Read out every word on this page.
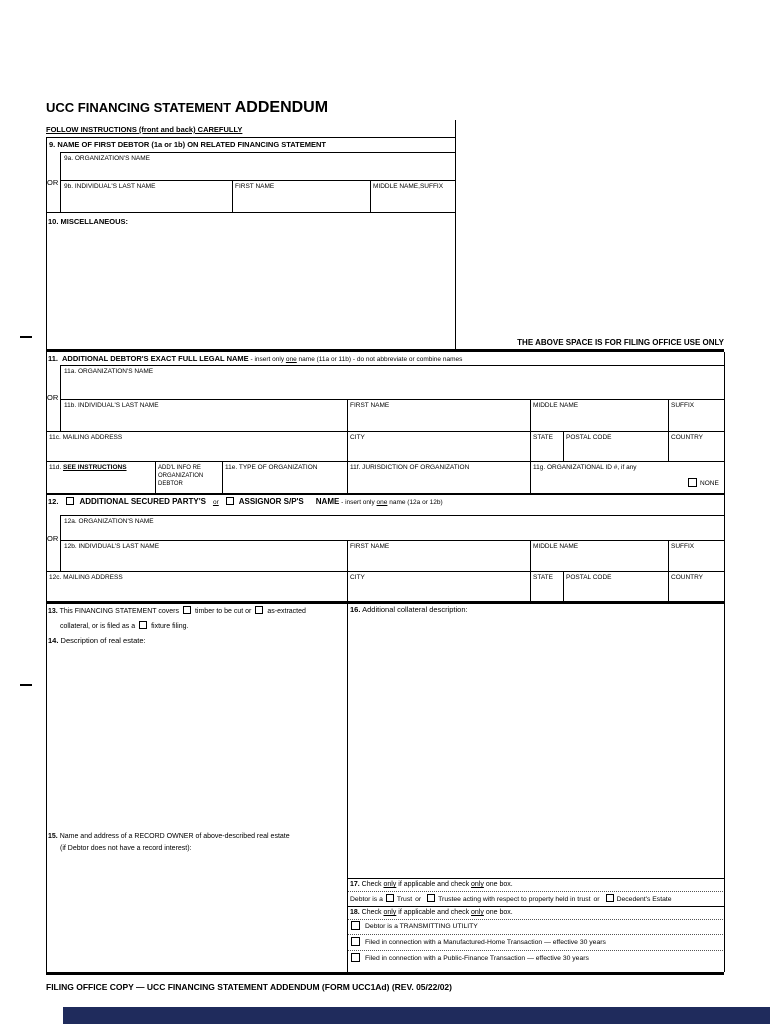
UCC FINANCING STATEMENT ADDENDUM
FOLLOW INSTRUCTIONS (front and back) CAREFULLY
9. NAME OF FIRST DEBTOR (1a or 1b) ON RELATED FINANCING STATEMENT
9a. ORGANIZATION'S NAME
OR 9b. INDIVIDUAL'S LAST NAME	FIRST NAME	MIDDLE NAME,SUFFIX
10. MISCELLANEOUS:
THE ABOVE SPACE IS FOR FILING OFFICE USE ONLY
11. ADDITIONAL DEBTOR'S EXACT FULL LEGAL NAME - insert only one name (11a or 11b) - do not abbreviate or combine names
11a. ORGANIZATION'S NAME
OR
11b. INDIVIDUAL'S LAST NAME	FIRST NAME	MIDDLE NAME	SUFFIX
11c. MAILING ADDRESS	CITY	STATE POSTAL CODE	COUNTRY
11d. SEE INSTRUCTIONS	ADD'L INFO RE
ORGANIZATION
DEBTOR
11e. TYPE OF ORGANIZATION	11f. JURISDICTION OF ORGANIZATION	11g. ORGANIZATIONAL ID #, if any
NONE
12.	ADDITIONAL SECURED PARTY'S or	ASSIGNOR S/P'S NAME - insert only one name (12a or 12b)
12a. ORGANIZATION'S NAME
OR
12b. INDIVIDUAL'S LAST NAME	FIRST NAME	MIDDLE NAME	SUFFIX
12c. MAILING ADDRESS	CITY	STATE POSTAL CODE	COUNTRY
13. This FINANCING STATEMENT covers timber to be cut or as-extracted
collateral, or is filed as a fixture filing.
14. Description of real estate:
15. Name and address of a RECORD OWNER of above-described real estate
(if Debtor does not have a record interest):
16. Additional collateral description:
17. Check only if applicable and check only one box.
Debtor is a Trust or	Trustee acting with respect to property held in trust or	Decedent's Estate
18. Check only if applicable and check only one box.
Debtor is a TRANSMITTING UTILITY
Filed in connection with a Manufactured-Home Transaction — effective 30 years
Filed in connection with a Public-Finance Transaction — effective 30 years
FILING OFFICE COPY — UCC FINANCING STATEMENT ADDENDUM (FORM UCC1Ad) (REV. 05/22/02)
